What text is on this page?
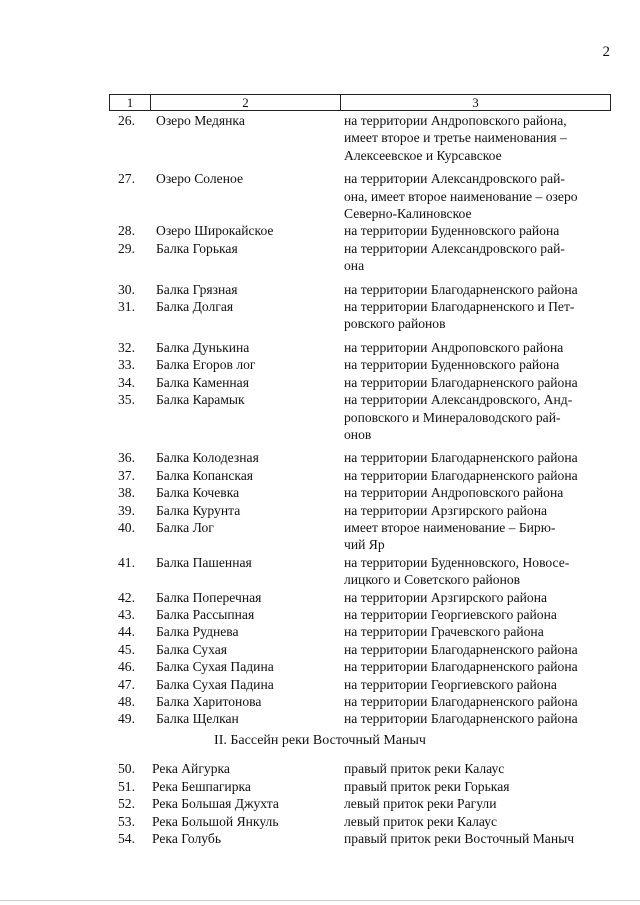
2
1	2	3
26.	Озеро Медянка	на территории Андроповского района,
имеет второе и третье наименования –
Алексеевское и Курсавское
27.	Озеро Соленое	на территории Александровского рай-
она, имеет второе наименование – озеро
Северно-Калиновское
28.	Озеро Широкайское	на территории Буденновского района
29.	Балка Горькая	на территории Александровского рай-
она
30.	Балка Грязная	на территории Благодарненского района
31.	Балка Долгая	на территории Благодарненского и Пет-
ровского районов
32.	Балка Дунькина	на территории Андроповского района
33.	Балка Егоров лог	на территории Буденновского района
34.	Балка Каменная	на территории Благодарненского района
35.	Балка Карамык	на территории Александровского, Анд-
роповского и Минераловодского рай-
онов
36.	Балка Колодезная	на территории Благодарненского района
37.	Балка Копанская	на территории Благодарненского района
38.	Балка Кочевка	на территории Андроповского района
39.	Балка Курунта	на территории Арзгирского района
40.	Балка Лог	имеет второе наименование – Бирю-
чий Яр
41.	Балка Пашенная	на территории Буденновского, Новосе-
лицкого и Советского районов
42.	Балка Поперечная	на территории Арзгирского района
43.	Балка Рассыпная	на территории Георгиевского района
44.	Балка Руднева	на территории Грачевского района
45.	Балка Сухая	на территории Благодарненского района
46.	Балка Сухая Падина	на территории Благодарненского района
47.	Балка Сухая Падина	на территории Георгиевского района
48.	Балка Харитонова	на территории Благодарненского района
49.	Балка Щелкан	на территории Благодарненского района
II. Бассейн реки Восточный Маныч
50.	Река Айгурка	правый приток реки Калаус
51.	Река Бешпагирка	правый приток реки Горькая
52.	Река Большая Джухта	левый приток реки Рагули
53.	Река Большой Янкуль	левый приток реки Калаус
54.	Река Голубь	правый приток реки Восточный Маныч
